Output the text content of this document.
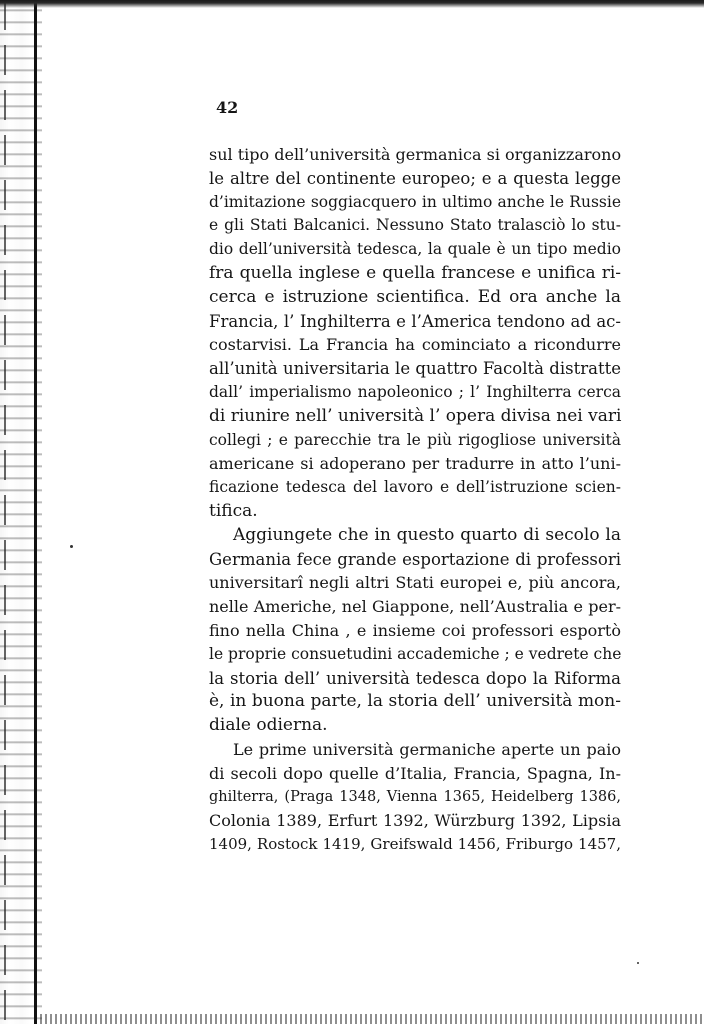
42
sul tipo dell’università germanica si organizzarono
le altre del continente europeo; e a questa legge
d’imitazione soggiacquero in ultimo anche le Russie
e gli Stati Balcanici. Nessuno Stato tralasciò lo stu-
dio dell’università tedesca, la quale è un tipo medio
fra quella inglese e quella francese e unifica ri-
cerca e istruzione scientifica. Ed ora anche la
Francia, l’ Inghilterra e l’America tendono ad ac-
costarvisi. La Francia ha cominciato a ricondurre
all’unità universitaria le quattro Facoltà distratte
dall’ imperialismo napoleonico ; l’ Inghilterra cerca
di riunire nell’ università l’ opera divisa nei vari
collegi ; e parecchie tra le più rigogliose università
americane si adoperano per tradurre in atto l’uni-
ficazione tedesca del lavoro e dell’istruzione scien-
tifica.
Aggiungete che in questo quarto di secolo la
Germania fece grande esportazione di professori
universitarî negli altri Stati europei e, più ancora,
nelle Americhe, nel Giappone, nell’Australia e per-
fino nella China , e insieme coi professori esportò
le proprie consuetudini accademiche ; e vedrete che
la storia dell’ università tedesca dopo la Riforma
è, in buona parte, la storia dell’ università mon-
diale odierna.
Le prime università germaniche aperte un paio
di secoli dopo quelle d’Italia, Francia, Spagna, In-
ghilterra, (Praga 1348, Vienna 1365, Heidelberg 1386,
Colonia 1389, Erfurt 1392, Würzburg 1392, Lipsia
1409, Rostock 1419, Greifswald 1456, Friburgo 1457,
